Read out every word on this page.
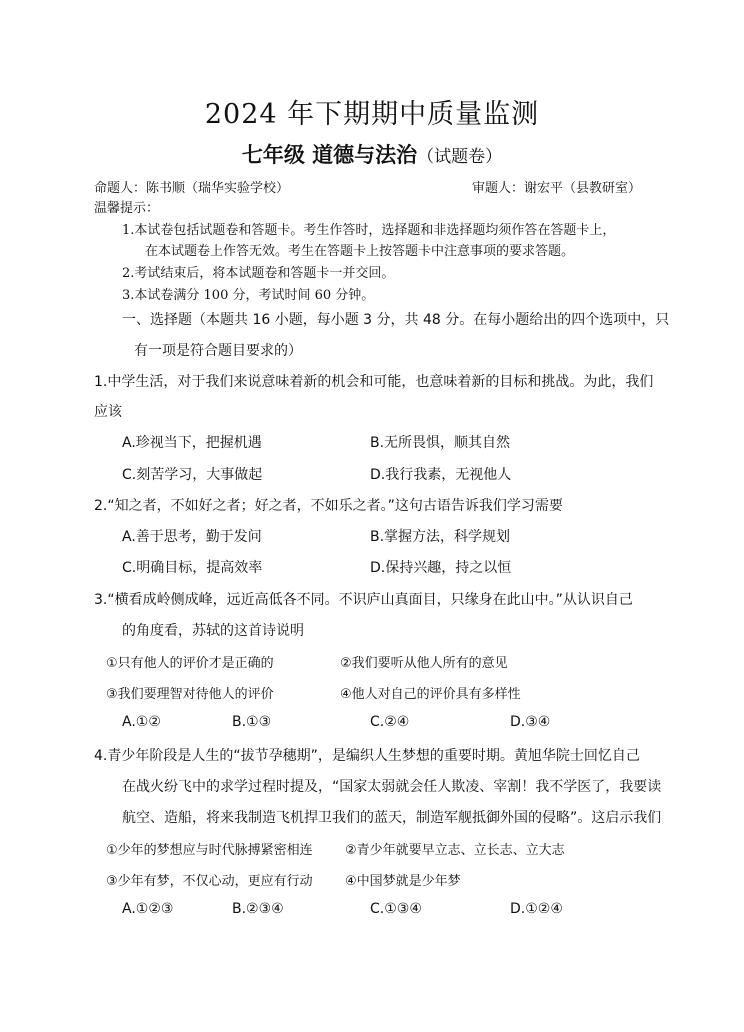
2024 年下期期中质量监测
七年级 道德与法治（试题卷）
命题人：陈书顺（瑞华实验学校）	审题人：谢宏平（县教研室）
温馨提示：
1.本试卷包括试题卷和答题卡。考生作答时，选择题和非选择题均须作答在答题卡上，
在本试题卷上作答无效。考生在答题卡上按答题卡中注意事项的要求答题。
2.考试结束后，将本试题卷和答题卡一并交回。
3.本试卷满分 100 分，考试时间 60 分钟。
一、选择题（本题共 16 小题，每小题 3 分，共 48 分。在每小题给出的四个选项中，只
有一项是符合题目要求的）
1.中学生活，对于我们来说意味着新的机会和可能，也意味着新的目标和挑战。为此，我们
应该
A.珍视当下，把握机遇	B.无所畏惧，顺其自然
C.刻苦学习，大事做起	D.我行我素，无视他人
2.“知之者，不如好之者；好之者，不如乐之者。”这句古语告诉我们学习需要
A.善于思考，勤于发问	B.掌握方法，科学规划
C.明确目标，提高效率	D.保持兴趣，持之以恒
3.“横看成岭侧成峰，远近高低各不同。不识庐山真面目，只缘身在此山中。”从认识自己
的角度看，苏轼的这首诗说明
①只有他人的评价才是正确的	②我们要听从他人所有的意见
③我们要理智对待他人的评价	④他人对自己的评价具有多样性
A.①②	B.①③	C.②④	D.③④
4.青少年阶段是人生的“拔节孕穗期”，是编织人生梦想的重要时期。黄旭华院士回忆自己
在战火纷飞中的求学过程时提及，“国家太弱就会任人欺凌、宰割！我不学医了，我要读
航空、造船，将来我制造飞机捍卫我们的蓝天，制造军舰抵御外国的侵略”。这启示我们
①少年的梦想应与时代脉搏紧密相连 ②青少年就要早立志、立长志、立大志
③少年有梦，不仅心动，更应有行动 ④中国梦就是少年梦
A.①②③	B.②③④	C.①③④	D.①②④
